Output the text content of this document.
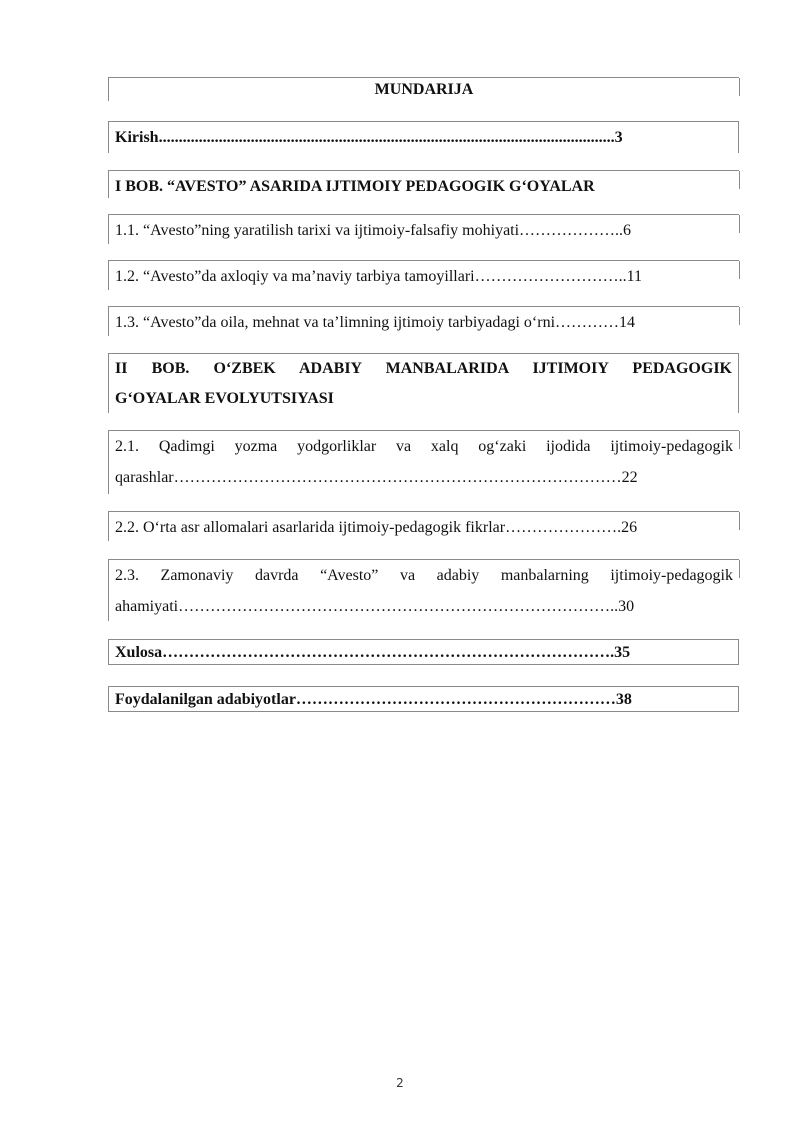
MUNDARIJA
Kirish..................................................................................................................3
I BOB. “AVESTO” ASARIDA IJTIMOIY PEDAGOGIK G‘OYALAR
1.1. “Avesto”ning yaratilish tarixi va ijtimoiy-falsafiy mohiyati………………..6
1.2. “Avesto”da axloqiy va ma’naviy tarbiya tamoyillari………………………..11
1.3. “Avesto”da oila, mehnat va ta’limning ijtimoiy tarbiyadagi o‘rni…………14
II BOB. O‘ZBEK ADABIY MANBALARIDA IJTIMOIY PEDAGOGIK
G‘OYALAR EVOLYUTSIYASI
2.1. Qadimgi yozma yodgorliklar va xalq og‘zaki ijodida ijtimoiy-pedagogik
qarashlar…………………………………………………………………………22
2.2. O‘rta asr allomalari asarlarida ijtimoiy-pedagogik fikrlar………………….26
2.3. Zamonaviy davrda “Avesto” va adabiy manbalarning ijtimoiy-pedagogik
ahamiyati………………………………………………………………………..30
Xulosa………………………………………………………………………….35
Foydalanilgan adabiyotlar……………………………………………………38
2
